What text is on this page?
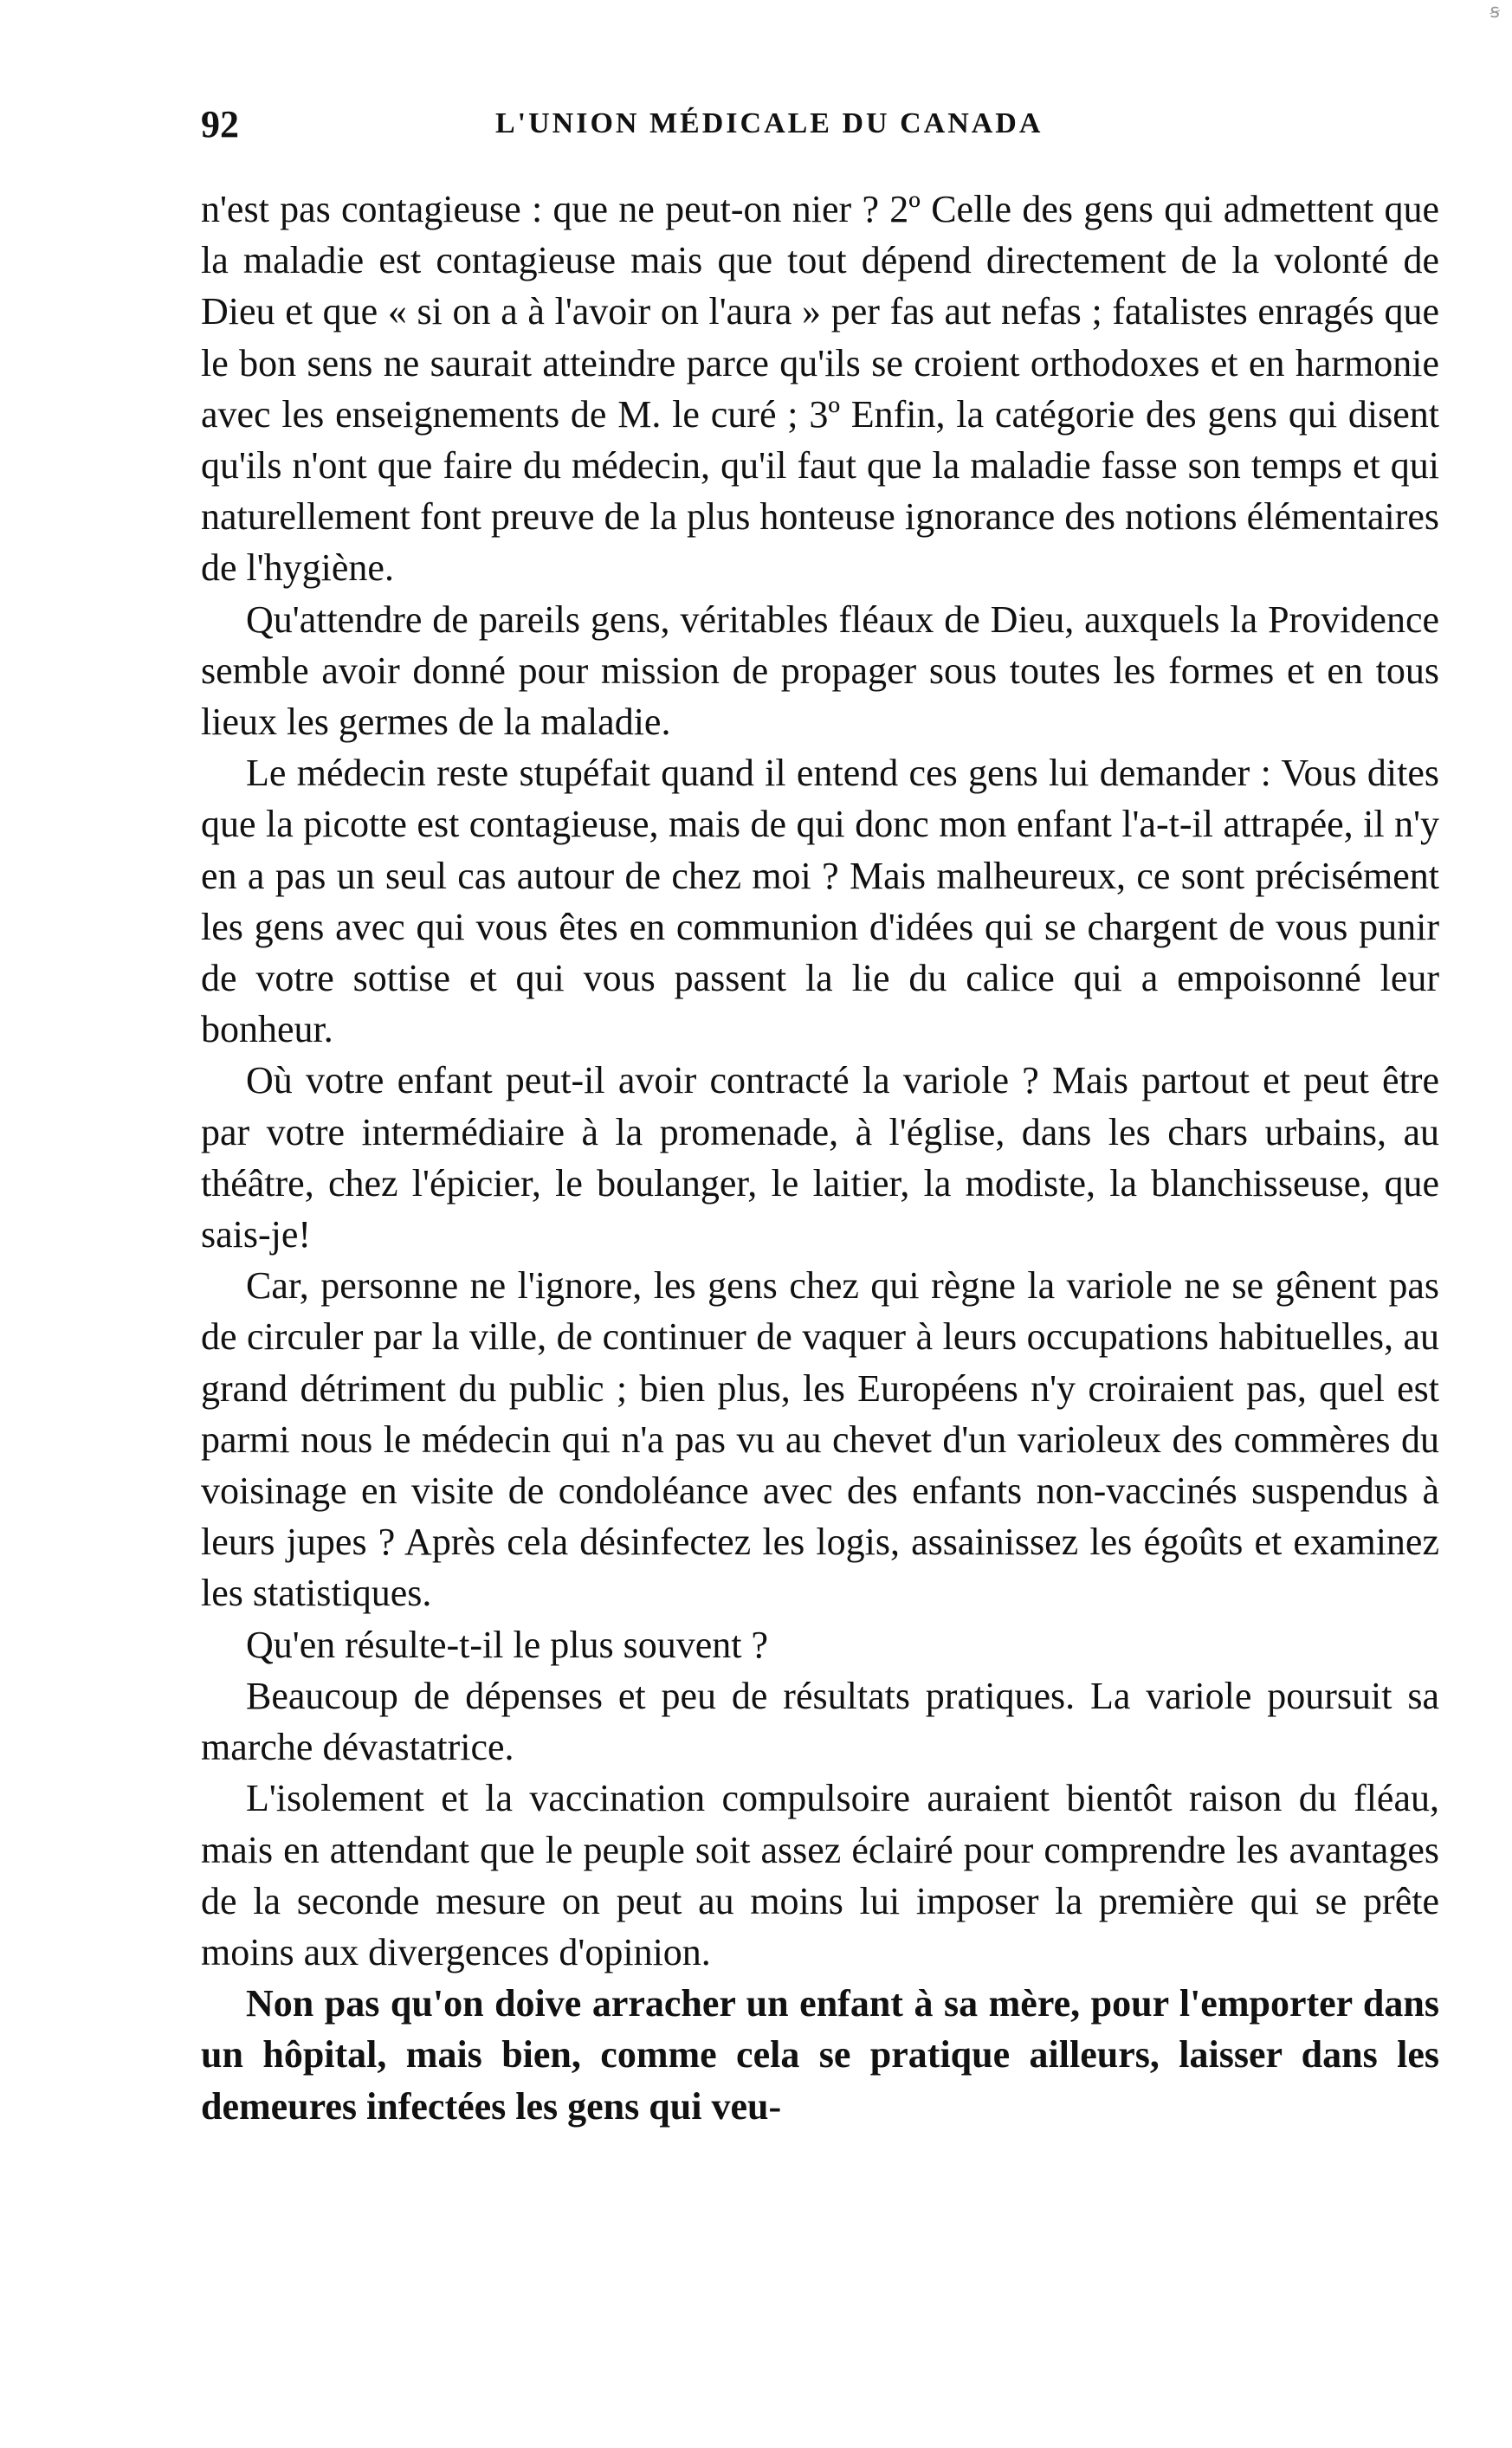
ꞩ
92	L'UNION MÉDICALE DU CANADA

n'est pas contagieuse : que ne peut-on nier ? 2º Celle des gens qui admettent que la maladie est contagieuse mais que tout dépend directement de la volonté de Dieu et que « si on a à l'avoir on l'aura » per fas aut nefas ; fatalistes enragés que le bon sens ne saurait atteindre parce qu'ils se croient orthodoxes et en harmonie avec les enseignements de M. le curé ; 3º Enfin, la catégorie des gens qui disent qu'ils n'ont que faire du médecin, qu'il faut que la maladie fasse son temps et qui naturellement font preuve de la plus honteuse ignorance des notions élémentaires de l'hygiène.

Qu'attendre de pareils gens, véritables fléaux de Dieu, auxquels la Providence semble avoir donné pour mission de propager sous toutes les formes et en tous lieux les germes de la maladie.

Le médecin reste stupéfait quand il entend ces gens lui demander : Vous dites que la picotte est contagieuse, mais de qui donc mon enfant l'a-t-il attrapée, il n'y en a pas un seul cas autour de chez moi ? Mais malheureux, ce sont précisément les gens avec qui vous êtes en communion d'idées qui se chargent de vous punir de votre sottise et qui vous passent la lie du calice qui a empoisonné leur bonheur.

Où votre enfant peut-il avoir contracté la variole ? Mais partout et peut être par votre intermédiaire à la promenade, à l'église, dans les chars urbains, au théâtre, chez l'épicier, le boulanger, le laitier, la modiste, la blanchisseuse, que sais-je!

Car, personne ne l'ignore, les gens chez qui règne la variole ne se gênent pas de circuler par la ville, de continuer de vaquer à leurs occupations habituelles, au grand détriment du public ; bien plus, les Européens n'y croiraient pas, quel est parmi nous le médecin qui n'a pas vu au chevet d'un varioleux des commères du voisinage en visite de condoléance avec des enfants non-vaccinés suspendus à leurs jupes ? Après cela désinfectez les logis, assainissez les égoûts et examinez les statistiques.

Qu'en résulte-t-il le plus souvent ?

Beaucoup de dépenses et peu de résultats pratiques. La variole poursuit sa marche dévastatrice.

L'isolement et la vaccination compulsoire auraient bientôt raison du fléau, mais en attendant que le peuple soit assez éclairé pour comprendre les avantages de la seconde mesure on peut au moins lui imposer la première qui se prête moins aux divergences d'opinion.

Non pas qu'on doive arracher un enfant à sa mère, pour l'emporter dans un hôpital, mais bien, comme cela se pratique ailleurs, laisser dans les demeures infectées les gens qui veu-
